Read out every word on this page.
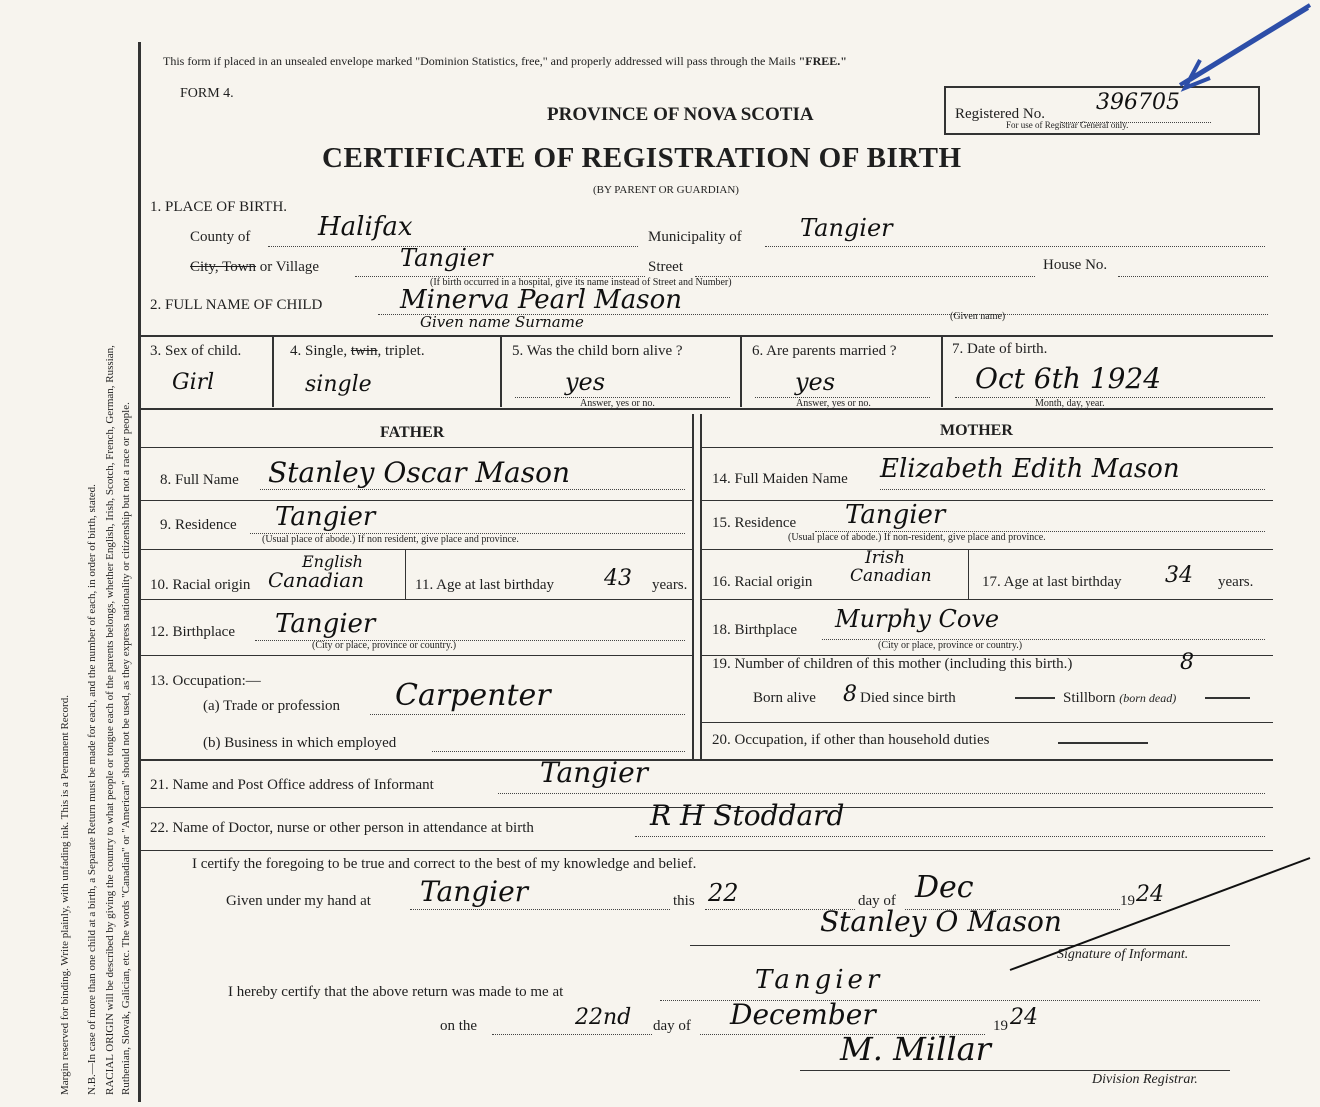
Margin reserved for binding. Write plainly, with unfading ink. This is a Permanent Record. N.B.—In case of more than one child at a birth, a Separate Return must be made for each, and the number of each, in order of birth, stated. RACIAL ORIGIN will be described by giving the country to what people or tongue each of the parents belongs, whether English, Irish, Scotch, French, German, Russian, Ruthenian, Slovak, Galician, etc. The words "Canadian" or "American" should not be used, as they express nationality or citizenship but not a race or people.
This form if placed in an unsealed envelope marked "Dominion Statistics, free," and properly addressed will pass through the Mails "FREE."
FORM 4.
PROVINCE OF NOVA SCOTIA
CERTIFICATE OF REGISTRATION OF BIRTH
(BY PARENT OR GUARDIAN)
Registered No. 396705
For use of Registrar General only.
1. PLACE OF BIRTH.
County of	Halifax	Municipality of Tangier
City, Town or Village	Tangier	Street	House No.
(If birth occurred in a hospital, give its name instead of Street and Number)
2. FULL NAME OF CHILD	Minerva Pearl Mason
Given name Surname	(Given name)
3. Sex of child.
Girl
4. Single, twin, triplet.
single
5. Was the child born alive ?
yes
Answer, yes or no.
6. Are parents married ?
yes
Answer, yes or no.
7. Date of birth.
Oct 6th 1924
Month, day, year.
FATHER	MOTHER
8. Full Name Stanley Oscar Mason
9. Residence Tangier
(Usual place of abode.) If non resident, give place and province.
10. Racial origin
English
Canadian	11. Age at last birthday 43 years.
12. Birthplace Tangier
(City or place, province or country.)
13. Occupation:—
(a) Trade or profession Carpenter
(b) Business in which employed
14. Full Maiden Name Elizabeth Edith Mason
15. Residence Tangier
(Usual place of abode.) If non-resident, give place and province.
16. Racial origin
Irish
Canadian	17. Age at last birthday 34 years.
18. Birthplace Murphy Cove
(City or place, province or country.)
19. Number of children of this mother (including this birth.)	8
Born alive 8 Died since birth	Stillborn (born dead)
20. Occupation, if other than household duties
21. Name and Post Office address of Informant	Tangier
22. Name of Doctor, nurse or other person in attendance at birth	R H Stoddard
I certify the foregoing to be true and correct to the best of my knowledge and belief.
Given under my hand at Tangier	this 22	day of Dec	19 24
Stanley O Mason
Signature of Informant.
I hereby certify that the above return was made to me at	Tangier
on the	22nd day of December	19 24
M. Millar
Division Registrar.
